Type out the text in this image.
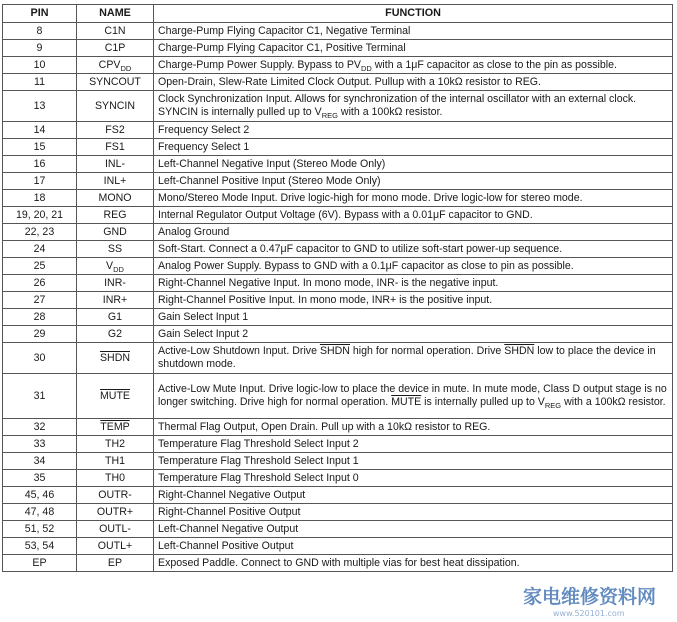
PIN	NAME	FUNCTION
8	C1N	Charge-Pump Flying Capacitor C1, Negative Terminal
9	C1P	Charge-Pump Flying Capacitor C1, Positive Terminal
10	$CPV_{DD}$	Charge-Pump Power Supply. Bypass to $PV_{DD}$ with a 1μF capacitor as close to the pin as possible.
11	SYNCOUT	Open-Drain, Slew-Rate Limited Clock Output. Pullup with a 10kΩ resistor to REG.
13	SYNCIN	Clock Synchronization Input. Allows for synchronization of the internal oscillator with an external clock. SYNCIN is internally pulled up to $V_{REG}$ with a 100kΩ resistor.
14	FS2	Frequency Select 2
15	FS1	Frequency Select 1
16	INL-	Left-Channel Negative Input (Stereo Mode Only)
17	INL+	Left-Channel Positive Input (Stereo Mode Only)
18	MONO	Mono/Stereo Mode Input. Drive logic-high for mono mode. Drive logic-low for stereo mode.
19, 20, 21	REG	Internal Regulator Output Voltage (6V). Bypass with a 0.01μF capacitor to GND.
22, 23	GND	Analog Ground
24	SS	Soft-Start. Connect a 0.47μF capacitor to GND to utilize soft-start power-up sequence.
25	$V_{DD}$	Analog Power Supply. Bypass to GND with a 0.1μF capacitor as close to pin as possible.
26	INR-	Right-Channel Negative Input. In mono mode, INR- is the negative input.
27	INR+	Right-Channel Positive Input. In mono mode, INR+ is the positive input.
28	G1	Gain Select Input 1
29	G2	Gain Select Input 2
30	SHDN	Active-Low Shutdown Input. Drive SHDN high for normal operation. Drive SHDN low to place the device in shutdown mode.
31	MUTE	Active-Low Mute Input. Drive logic-low to place the device in mute. In mute mode, Class D output stage is no longer switching. Drive high for normal operation. MUTE is internally pulled up to $V_{REG}$ with a 100kΩ resistor.
32	TEMP	Thermal Flag Output, Open Drain. Pull up with a 10kΩ resistor to REG.
33	TH2	Temperature Flag Threshold Select Input 2
34	TH1	Temperature Flag Threshold Select Input 1
35	TH0	Temperature Flag Threshold Select Input 0
45, 46	OUTR-	Right-Channel Negative Output
47, 48	OUTR+	Right-Channel Positive Output
51, 52	OUTL-	Left-Channel Negative Output
53, 54	OUTL+	Left-Channel Positive Output
EP	EP	Exposed Paddle. Connect to GND with multiple vias for best heat dissipation.
家电维修资料网
www.520101.com
